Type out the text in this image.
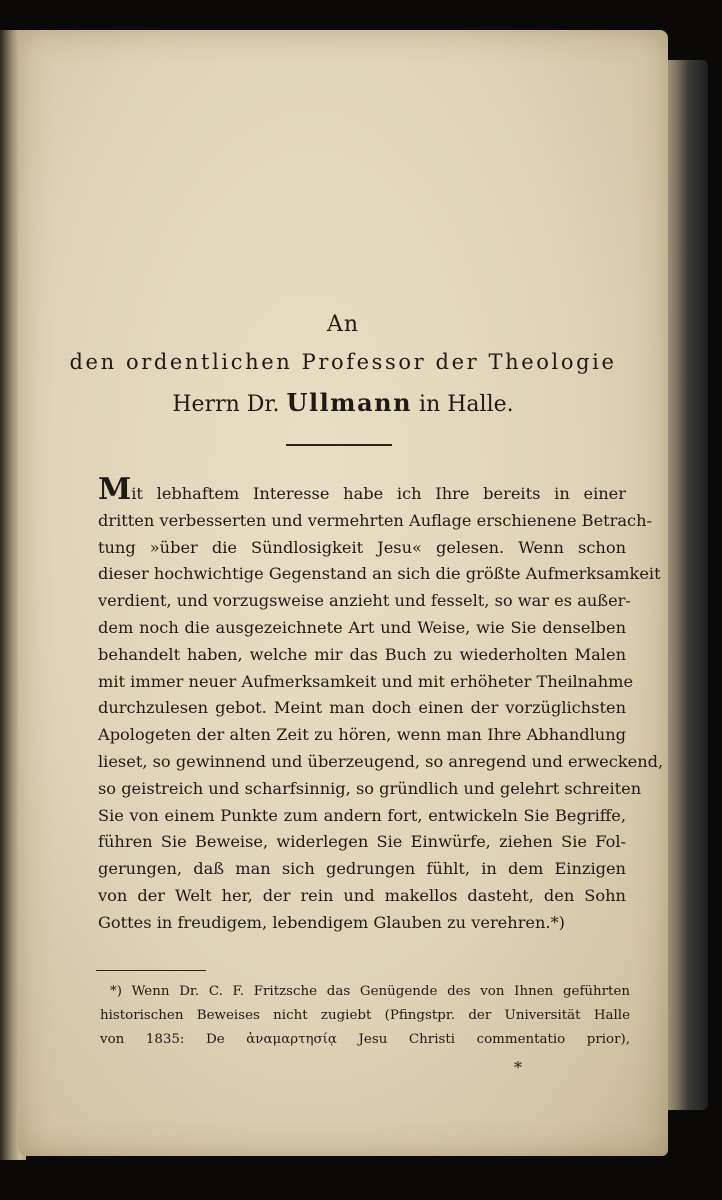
An
den ordentlichen Professor der Theologie
Herrn Dr. Ullmann in Halle.
Mit lebhaftem Interesse habe ich Ihre bereits in einer
dritten verbesserten und vermehrten Auflage erschienene Betrach-
tung »über die Sündlosigkeit Jesu« gelesen. Wenn schon
dieser hochwichtige Gegenstand an sich die größte Aufmerksamkeit
verdient, und vorzugsweise anzieht und fesselt, so war es außer-
dem noch die ausgezeichnete Art und Weise, wie Sie denselben
behandelt haben, welche mir das Buch zu wiederholten Malen
mit immer neuer Aufmerksamkeit und mit erhöheter Theilnahme
durchzulesen gebot. Meint man doch einen der vorzüglichsten
Apologeten der alten Zeit zu hören, wenn man Ihre Abhandlung
lieset, so gewinnend und überzeugend, so anregend und erweckend,
so geistreich und scharfsinnig, so gründlich und gelehrt schreiten
Sie von einem Punkte zum andern fort, entwickeln Sie Begriffe,
führen Sie Beweise, widerlegen Sie Einwürfe, ziehen Sie Fol-
gerungen, daß man sich gedrungen fühlt, in dem Einzigen
von der Welt her, der rein und makellos dasteht, den Sohn
Gottes in freudigem, lebendigem Glauben zu verehren.*)
*) Wenn Dr. C. F. Fritzsche das Genügende des von Ihnen geführten
historischen Beweises nicht zugiebt (Pfingstpr. der Universität Halle
von 1835: De ἀναμαρτησίᾳ Jesu Christi commentatio prior),
*
